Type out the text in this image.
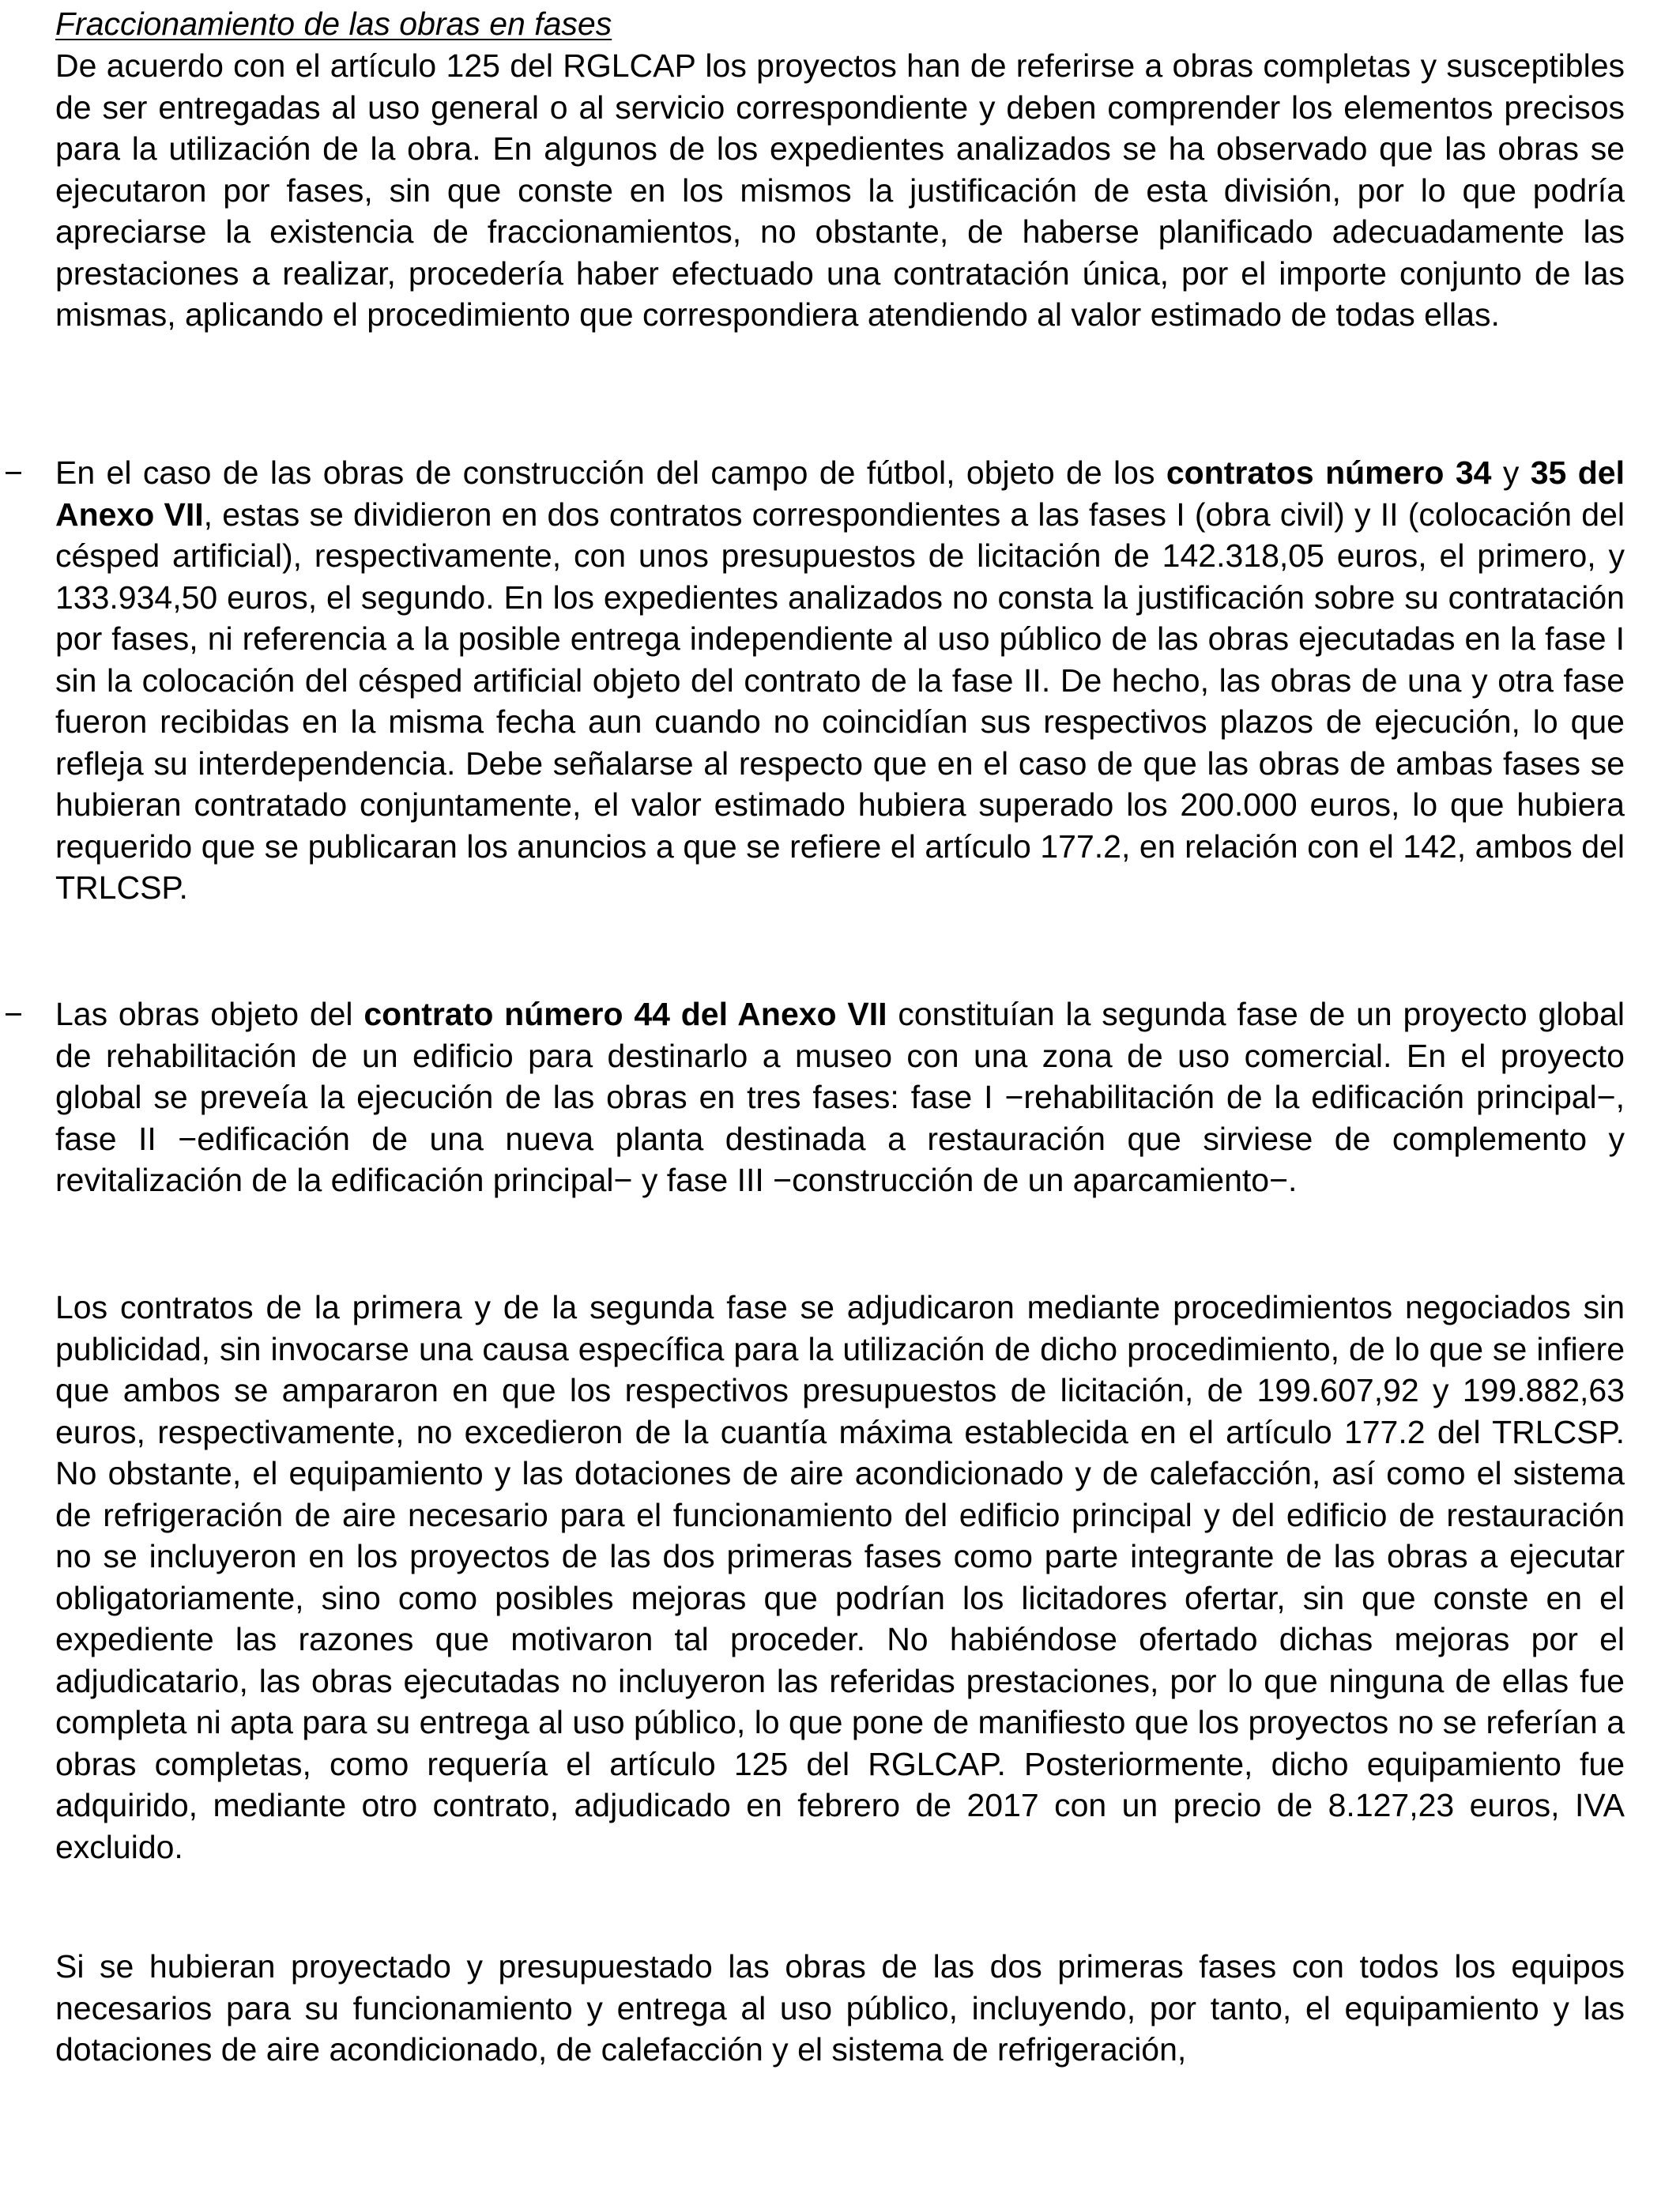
Fraccionamiento de las obras en fases

De acuerdo con el artículo 125 del RGLCAP los proyectos han de referirse a obras completas y susceptibles de ser entregadas al uso general o al servicio correspondiente y deben comprender los elementos precisos para la utilización de la obra. En algunos de los expedientes analizados se ha observado que las obras se ejecutaron por fases, sin que conste en los mismos la justificación de esta división, por lo que podría apreciarse la existencia de fraccionamientos, no obstante, de haberse planificado adecuadamente las prestaciones a realizar, procedería haber efectuado una contratación única, por el importe conjunto de las mismas, aplicando el procedimiento que correspondiera atendiendo al valor estimado de todas ellas.

−	En el caso de las obras de construcción del campo de fútbol, objeto de los contratos número 34 y 35 del Anexo VII, estas se dividieron en dos contratos correspondientes a las fases I (obra civil) y II (colocación del césped artificial), respectivamente, con unos presupuestos de licitación de 142.318,05 euros, el primero, y 133.934,50 euros, el segundo. En los expedientes analizados no consta la justificación sobre su contratación por fases, ni referencia a la posible entrega independiente al uso público de las obras ejecutadas en la fase I sin la colocación del césped artificial objeto del contrato de la fase II. De hecho, las obras de una y otra fase fueron recibidas en la misma fecha aun cuando no coincidían sus respectivos plazos de ejecución, lo que refleja su interdependencia. Debe señalarse al respecto que en el caso de que las obras de ambas fases se hubieran contratado conjuntamente, el valor estimado hubiera superado los 200.000 euros, lo que hubiera requerido que se publicaran los anuncios a que se refiere el artículo 177.2, en relación con el 142, ambos del TRLCSP.
−	Las obras objeto del contrato número 44 del Anexo VII constituían la segunda fase de un proyecto global de rehabilitación de un edificio para destinarlo a museo con una zona de uso comercial. En el proyecto global se preveía la ejecución de las obras en tres fases: fase I −rehabilitación de la edificación principal−, fase II −edificación de una nueva planta destinada a restauración que sirviese de complemento y revitalización de la edificación principal− y fase III −construcción de un aparcamiento−.

Los contratos de la primera y de la segunda fase se adjudicaron mediante procedimientos negociados sin publicidad, sin invocarse una causa específica para la utilización de dicho procedimiento, de lo que se infiere que ambos se ampararon en que los respectivos presupuestos de licitación, de 199.607,92 y 199.882,63 euros, respectivamente, no excedieron de la cuantía máxima establecida en el artículo 177.2 del TRLCSP. No obstante, el equipamiento y las dotaciones de aire acondicionado y de calefacción, así como el sistema de refrigeración de aire necesario para el funcionamiento del edificio principal y del edificio de restauración no se incluyeron en los proyectos de las dos primeras fases como parte integrante de las obras a ejecutar obligatoriamente, sino como posibles mejoras que podrían los licitadores ofertar, sin que conste en el expediente las razones que motivaron tal proceder. No habiéndose ofertado dichas mejoras por el adjudicatario, las obras ejecutadas no incluyeron las referidas prestaciones, por lo que ninguna de ellas fue completa ni apta para su entrega al uso público, lo que pone de manifiesto que los proyectos no se referían a obras completas, como requería el artículo 125 del RGLCAP. Posteriormente, dicho equipamiento fue adquirido, mediante otro contrato, adjudicado en febrero de 2017 con un precio de 8.127,23 euros, IVA excluido.

Si se hubieran proyectado y presupuestado las obras de las dos primeras fases con todos los equipos necesarios para su funcionamiento y entrega al uso público, incluyendo, por tanto, el equipamiento y las dotaciones de aire acondicionado, de calefacción y el sistema de refrigeración,
